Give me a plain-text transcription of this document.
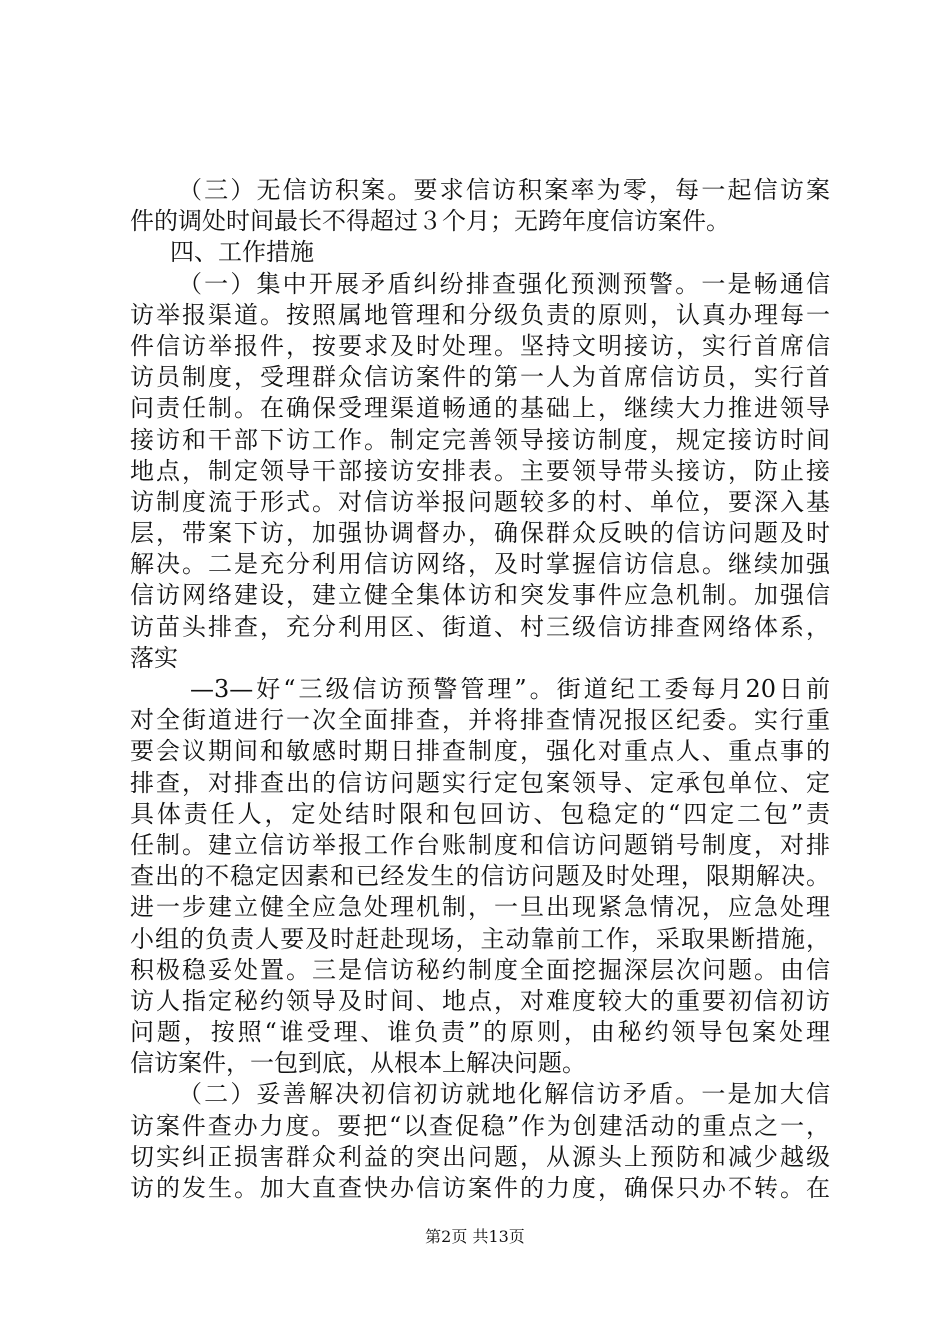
（三）无信访积案。要求信访积案率为零，每一起信访案
件的调处时间最长不得超过３个月；无跨年度信访案件。
四、工作措施
（一）集中开展矛盾纠纷排查强化预测预警。一是畅通信
访举报渠道。按照属地管理和分级负责的原则，认真办理每一
件信访举报件，按要求及时处理。坚持文明接访，实行首席信
访员制度，受理群众信访案件的第一人为首席信访员，实行首
问责任制。在确保受理渠道畅通的基础上，继续大力推进领导
接访和干部下访工作。制定完善领导接访制度，规定接访时间
地点，制定领导干部接访安排表。主要领导带头接访，防止接
访制度流于形式。对信访举报问题较多的村、单位，要深入基
层，带案下访，加强协调督办，确保群众反映的信访问题及时
解决。二是充分利用信访网络，及时掌握信访信息。继续加强
信访网络建设，建立健全集体访和突发事件应急机制。加强信
访苗头排查，充分利用区、街道、村三级信访排查网络体系，
落实
—3—好“三级信访预警管理”。街道纪工委每月20日前
对全街道进行一次全面排查，并将排查情况报区纪委。实行重
要会议期间和敏感时期日排查制度，强化对重点人、重点事的
排查，对排查出的信访问题实行定包案领导、定承包单位、定
具体责任人，定处结时限和包回访、包稳定的“四定二包”责
任制。建立信访举报工作台账制度和信访问题销号制度，对排
查出的不稳定因素和已经发生的信访问题及时处理，限期解决。
进一步建立健全应急处理机制，一旦出现紧急情况，应急处理
小组的负责人要及时赶赴现场，主动靠前工作，采取果断措施，
积极稳妥处置。三是信访秘约制度全面挖掘深层次问题。由信
访人指定秘约领导及时间、地点，对难度较大的重要初信初访
问题，按照“谁受理、谁负责”的原则，由秘约领导包案处理
信访案件，一包到底，从根本上解决问题。
（二）妥善解决初信初访就地化解信访矛盾。一是加大信
访案件查办力度。要把“以查促稳”作为创建活动的重点之一，
切实纠正损害群众利益的突出问题，从源头上预防和减少越级
访的发生。加大直查快办信访案件的力度，确保只办不转。在
第2页 共13页
